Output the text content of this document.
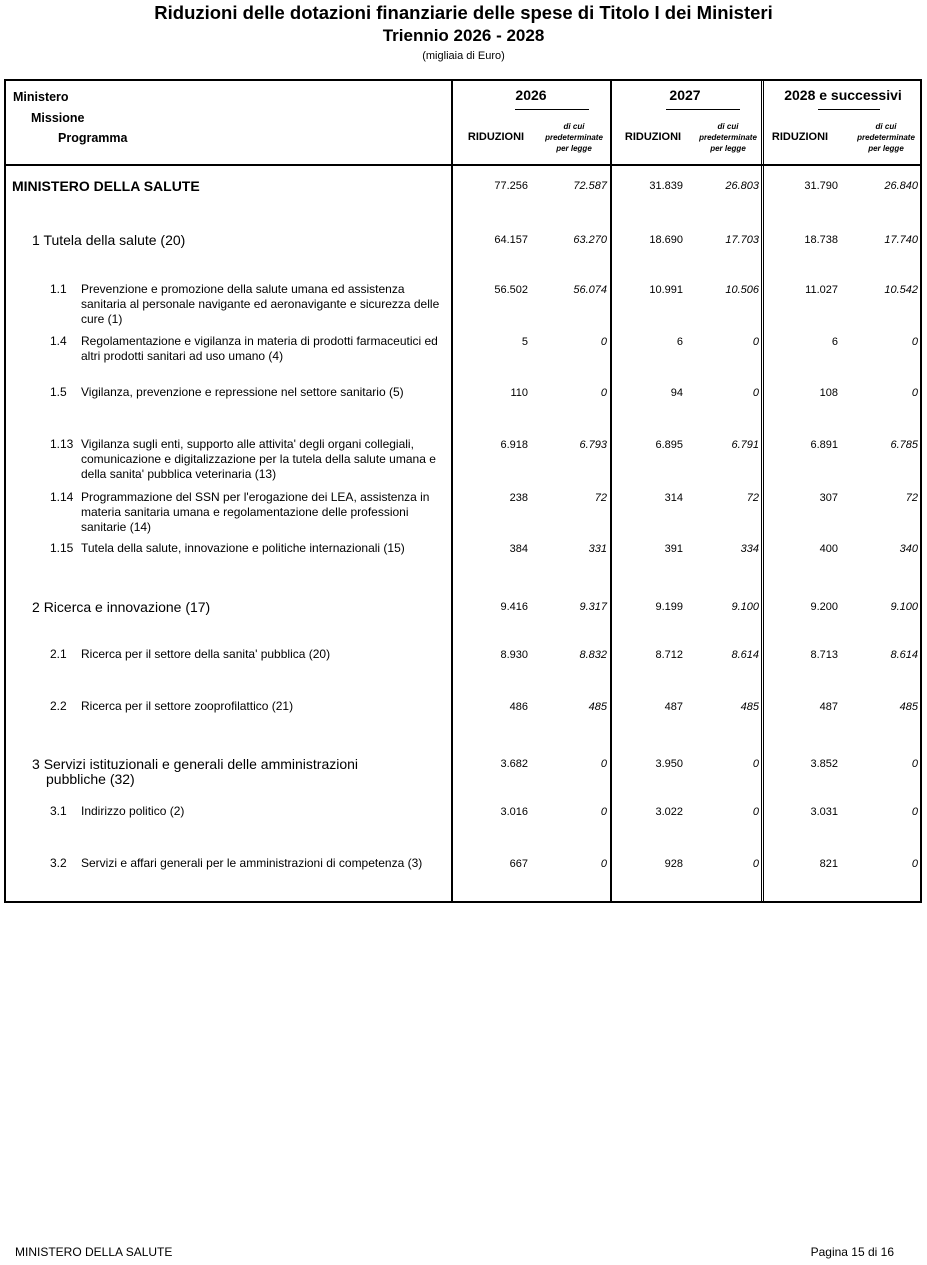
Riduzioni delle dotazioni finanziarie delle spese di Titolo I dei Ministeri
Triennio 2026 - 2028
(migliaia di Euro)
Ministero
Missione
Programma
2026	2027	2028 e successivi
RIDUZIONI
di cui
predeterminate
per legge
RIDUZIONI
di cui
predeterminate
per legge
RIDUZIONI
di cui
predeterminate
per legge
MINISTERO DELLA SALUTE	77.256	72.587	31.839	26.803	31.790	26.840
1 Tutela della salute (20)	64.157	63.270	18.690	17.703	18.738	17.740
1.1 Prevenzione e promozione della salute umana ed assistenza sanitaria al personale navigante ed aeronavigante e sicurezza delle cure (1)
56.502	56.074	10.991	10.506	11.027	10.542
1.4 Regolamentazione e vigilanza in materia di prodotti farmaceutici ed altri prodotti sanitari ad uso umano (4)
5	0	6	0	6	0
1.5 Vigilanza, prevenzione e repressione nel settore sanitario (5)	110	0	94	0	108	0
1.13 Vigilanza sugli enti, supporto alle attivita' degli organi collegiali, comunicazione e digitalizzazione per la tutela della salute umana e della sanita' pubblica veterinaria (13)
6.918	6.793	6.895	6.791	6.891	6.785
1.14 Programmazione del SSN per l'erogazione dei LEA, assistenza in materia sanitaria umana e regolamentazione delle professioni sanitarie (14)
238	72	314	72	307	72
1.15 Tutela della salute, innovazione e politiche internazionali (15)	384	331	391	334	400	340
2 Ricerca e innovazione (17)	9.416	9.317	9.199	9.100	9.200	9.100
2.1 Ricerca per il settore della sanita' pubblica (20)	8.930	8.832	8.712	8.614	8.713	8.614
2.2 Ricerca per il settore zooprofilattico (21)	486	485	487	485	487	485
3 Servizi istituzionali e generali delle amministrazioni
pubbliche (32)
3.682	0	3.950	0	3.852	0
3.1 Indirizzo politico (2)	3.016	0	3.022	0	3.031	0
3.2 Servizi e affari generali per le amministrazioni di competenza (3)	667	0	928	0	821	0
MINISTERO DELLA SALUTE	Pagina 15 di 16
